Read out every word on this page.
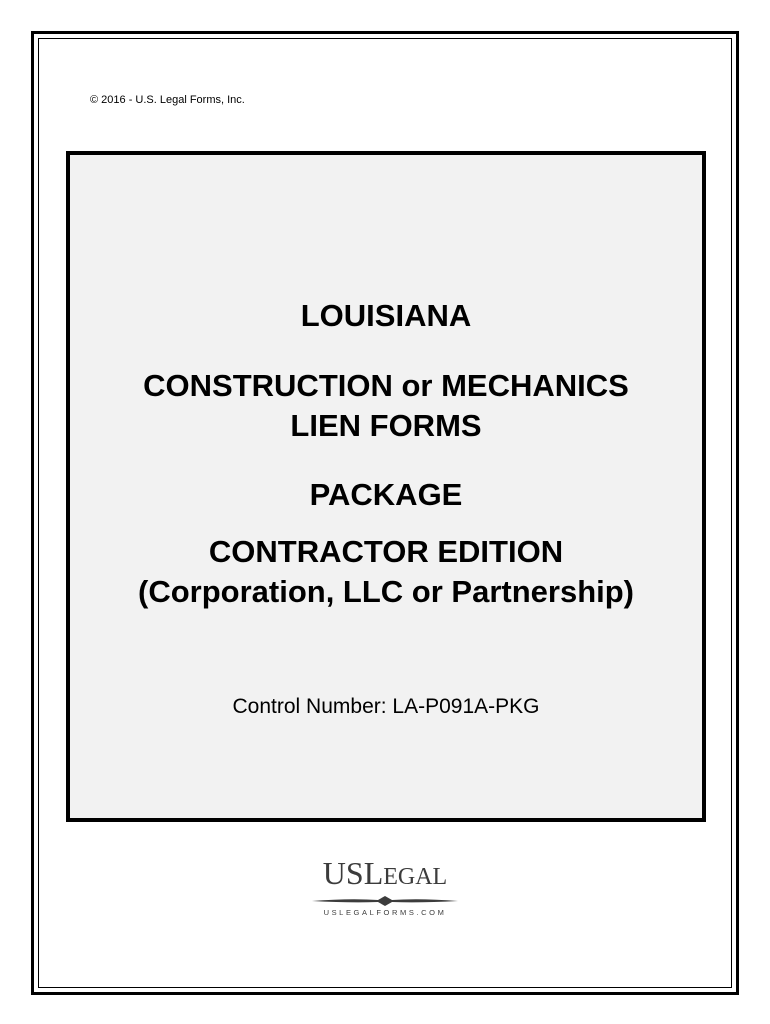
© 2016 - U.S. Legal Forms, Inc.
LOUISIANA
CONSTRUCTION or MECHANICS
LIEN FORMS
PACKAGE
CONTRACTOR EDITION
(Corporation, LLC or Partnership)
Control Number: LA-P091A-PKG
USLEGAL
USLEGALFORMS.COM
